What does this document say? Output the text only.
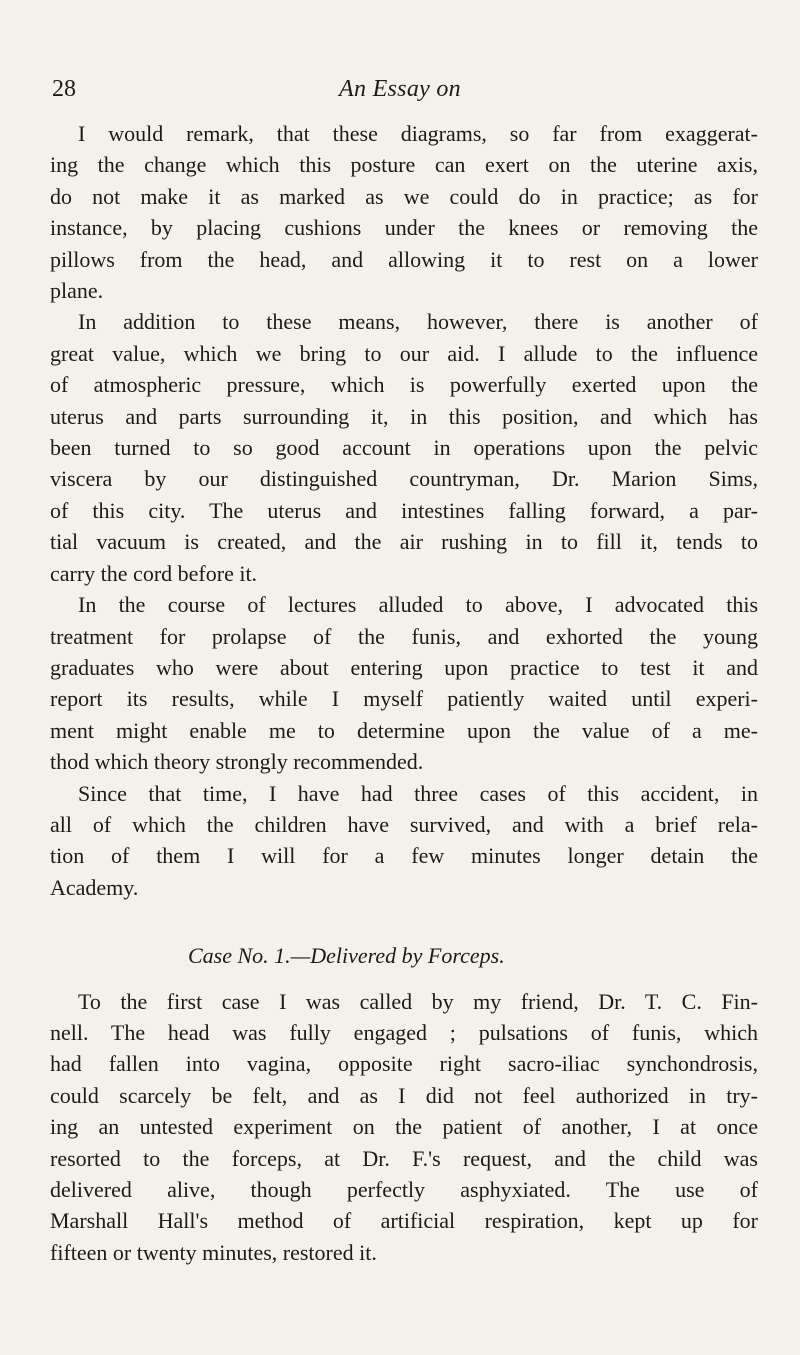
28	An Essay on
I would remark, that these diagrams, so far from exaggerat-
ing the change which this posture can exert on the uterine axis,
do not make it as marked as we could do in practice; as for
instance, by placing cushions under the knees or removing the
pillows from the head, and allowing it to rest on a lower
plane.
In addition to these means, however, there is another of
great value, which we bring to our aid. I allude to the influence
of atmospheric pressure, which is powerfully exerted upon the
uterus and parts surrounding it, in this position, and which has
been turned to so good account in operations upon the pelvic
viscera by our distinguished countryman, Dr. Marion Sims,
of this city. The uterus and intestines falling forward, a par-
tial vacuum is created, and the air rushing in to fill it, tends to
carry the cord before it.
In the course of lectures alluded to above, I advocated this
treatment for prolapse of the funis, and exhorted the young
graduates who were about entering upon practice to test it and
report its results, while I myself patiently waited until experi-
ment might enable me to determine upon the value of a me-
thod which theory strongly recommended.
Since that time, I have had three cases of this accident, in
all of which the children have survived, and with a brief rela-
tion of them I will for a few minutes longer detain the
Academy.
Case No. 1.—Delivered by Forceps.
To the first case I was called by my friend, Dr. T. C. Fin-
nell. The head was fully engaged ; pulsations of funis, which
had fallen into vagina, opposite right sacro-iliac synchondrosis,
could scarcely be felt, and as I did not feel authorized in try-
ing an untested experiment on the patient of another, I at once
resorted to the forceps, at Dr. F.'s request, and the child was
delivered alive, though perfectly asphyxiated. The use of
Marshall Hall's method of artificial respiration, kept up for
fifteen or twenty minutes, restored it.
